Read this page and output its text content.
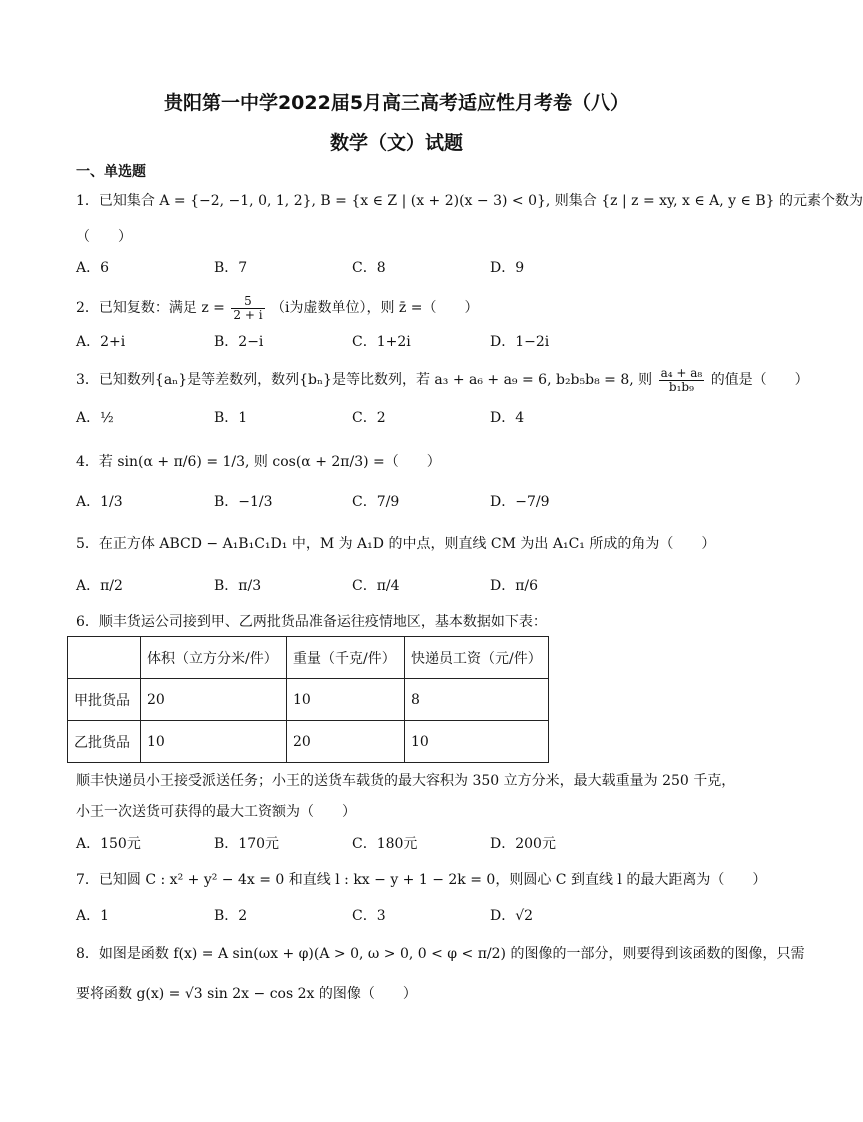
贵阳第一中学2022届5月高三高考适应性月考卷（八）
数学（文）试题
一、单选题
1．已知集合 A = {−2, −1, 0, 1, 2}, B = {x ∈ Z | (x + 2)(x − 3) < 0}, 则集合 {z | z = xy, x ∈ A, y ∈ B} 的元素个数为
（　　）
A．6	B．7	C．8	D．9
2．已知复数：满足 $z = \frac{5}{2 + i} (i$为虚数单位），则 z̄ =（　　）
A．2+i	B．2−i	C．1+2i	D．1−2i
3．已知数列{aₙ}是等差数列，数列{bₙ}是等比数列，若 a₃ + a₆ + a₉ = 6, b₂b₅b₈ = 8, 则 $\frac{\text{a₄ + a₈}}{\text{b₁b₉}}$ 的值是（　　）
A．½	B．1	C．2	D．4
4．若 sin(α + π/6) = 1/3, 则 cos(α + 2π/3) =（　　）
A．1/3	B．−1/3	C．7/9	D．−7/9
5．在正方体 ABCD − A₁B₁C₁D₁ 中，M 为 A₁D 的中点，则直线 CM 为出 A₁C₁ 所成的角为（　　）
A．π/2	B．π/3	C．π/4	D．π/6
6．顺丰货运公司接到甲、乙两批货品准备运往疫情地区，基本数据如下表：
	体积（立方分米/件）	重量（千克/件）	快递员工资（元/件）
甲批货品	20	10	8
乙批货品	10	20	10
顺丰快递员小王接受派送任务；小王的送货车载货的最大容积为 350 立方分米，最大载重量为 250 千克，
小王一次送货可获得的最大工资额为（　　）
A．150元	B．170元	C．180元	D．200元
7．已知圆 C : x² + y² − 4x = 0 和直线 l : kx − y + 1 − 2k = 0，则圆心 C 到直线 l 的最大距离为（　　）
A．1	B．2	C．3	D．√2
8．如图是函数 f(x) = A sin(ωx + φ)(A > 0, ω > 0, 0 < φ < π/2) 的图像的一部分，则要得到该函数的图像，只需
要将函数 g(x) = √3 sin 2x − cos 2x 的图像（　　）
